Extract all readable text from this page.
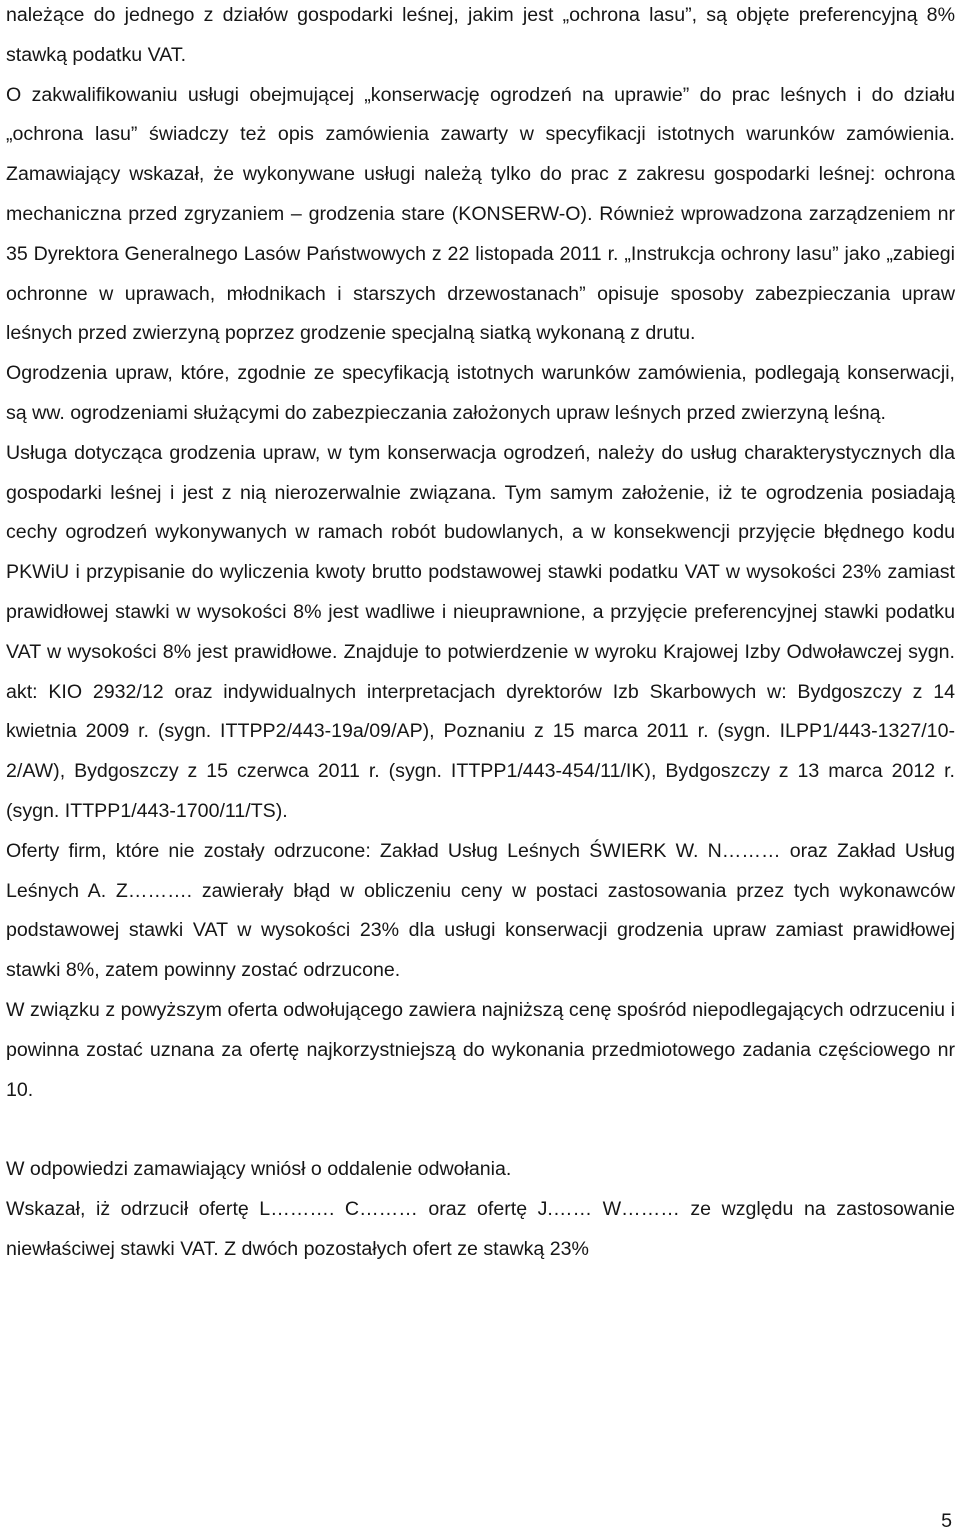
należące do jednego z działów gospodarki leśnej, jakim jest „ochrona lasu”, są objęte preferencyjną 8% stawką podatku VAT.

O zakwalifikowaniu usługi obejmującej „konserwację ogrodzeń na uprawie” do prac leśnych i do działu „ochrona lasu” świadczy też opis zamówienia zawarty w specyfikacji istotnych warunków zamówienia. Zamawiający wskazał, że wykonywane usługi należą tylko do prac z zakresu gospodarki leśnej: ochrona mechaniczna przed zgryzaniem – grodzenia stare (KONSERW-O). Również wprowadzona zarządzeniem nr 35 Dyrektora Generalnego Lasów Państwowych z 22 listopada 2011 r. „Instrukcja ochrony lasu” jako „zabiegi ochronne w uprawach, młodnikach i starszych drzewostanach” opisuje sposoby zabezpieczania upraw leśnych przed zwierzyną poprzez grodzenie specjalną siatką wykonaną z drutu.

Ogrodzenia upraw, które, zgodnie ze specyfikacją istotnych warunków zamówienia, podlegają konserwacji, są ww. ogrodzeniami służącymi do zabezpieczania założonych upraw leśnych przed zwierzyną leśną.

Usługa dotycząca grodzenia upraw, w tym konserwacja ogrodzeń, należy do usług charakterystycznych dla gospodarki leśnej i jest z nią nierozerwalnie związana. Tym samym założenie, iż te ogrodzenia posiadają cechy ogrodzeń wykonywanych w ramach robót budowlanych, a w konsekwencji przyjęcie błędnego kodu PKWiU i przypisanie do wyliczenia kwoty brutto podstawowej stawki podatku VAT w wysokości 23% zamiast prawidłowej stawki w wysokości 8% jest wadliwe i nieuprawnione, a przyjęcie preferencyjnej stawki podatku VAT w wysokości 8% jest prawidłowe. Znajduje to potwierdzenie w wyroku Krajowej Izby Odwoławczej sygn. akt: KIO 2932/12 oraz indywidualnych interpretacjach dyrektorów Izb Skarbowych w: Bydgoszczy z 14 kwietnia 2009 r. (sygn. ITTPP2/443-19a/09/AP), Poznaniu z 15 marca 2011 r. (sygn. ILPP1/443-1327/10-2/AW), Bydgoszczy z 15 czerwca 2011 r. (sygn. ITTPP1/443-454/11/IK), Bydgoszczy z 13 marca 2012 r. (sygn. ITTPP1/443-1700/11/TS).

Oferty firm, które nie zostały odrzucone: Zakład Usług Leśnych ŚWIERK W. N……… oraz Zakład Usług Leśnych A. Z………. zawierały błąd w obliczeniu ceny w postaci zastosowania przez tych wykonawców podstawowej stawki VAT w wysokości 23% dla usługi konserwacji grodzenia upraw zamiast prawidłowej stawki 8%, zatem powinny zostać odrzucone.

W związku z powyższym oferta odwołującego zawiera najniższą cenę spośród niepodlegających odrzuceniu i powinna zostać uznana za ofertę najkorzystniejszą do wykonania przedmiotowego zadania częściowego nr 10.

W odpowiedzi zamawiający wniósł o oddalenie odwołania.

Wskazał, iż odrzucił ofertę L………. C……… oraz ofertę J.…… W……… ze względu na zastosowanie niewłaściwej stawki VAT. Z dwóch pozostałych ofert ze stawką 23%

5
